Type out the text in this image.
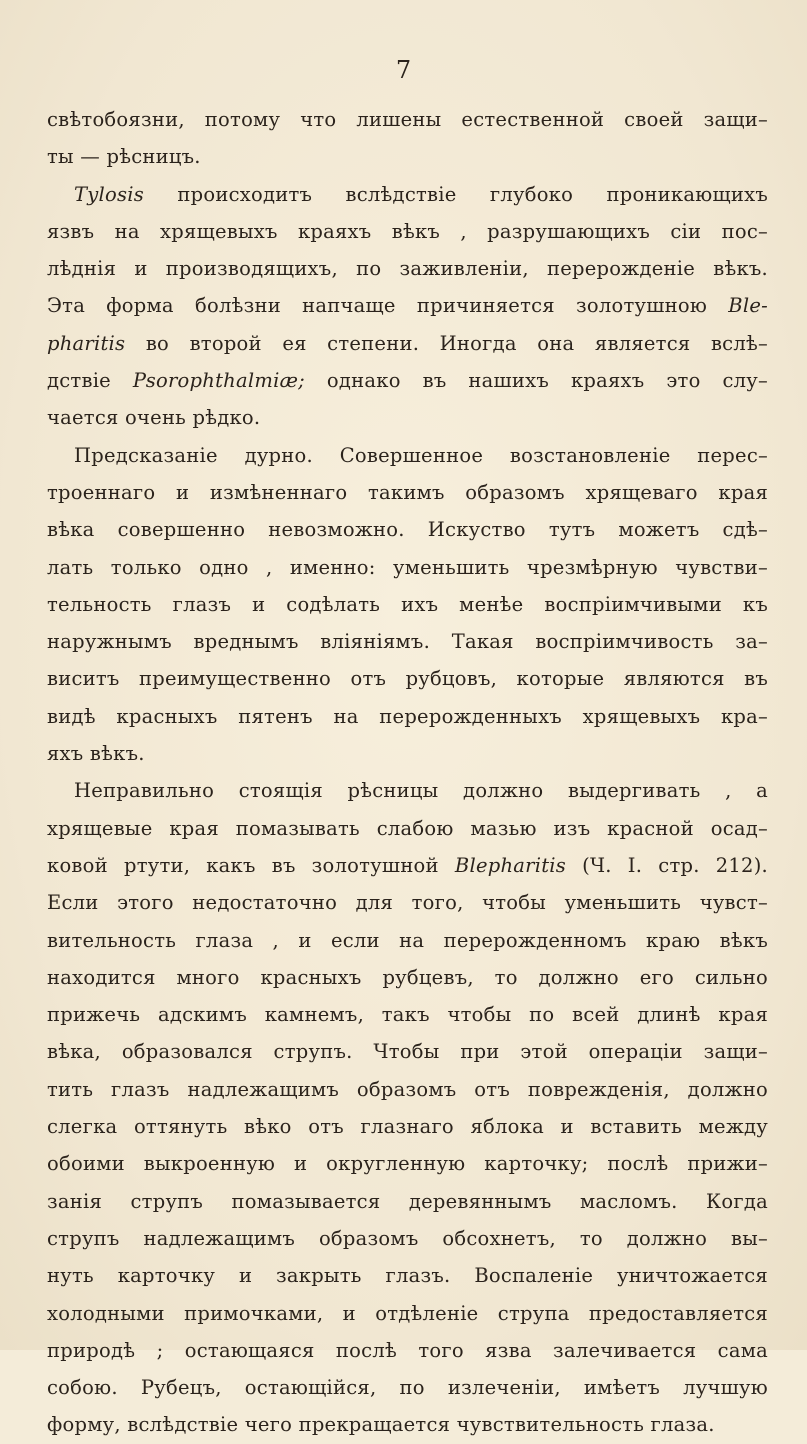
7
свѣтобоязни, потому что лишены естественной своей защи–
ты — рѣсницъ.
Tylosis происходитъ вслѣдствіе глубоко проникающихъ
язвъ на хрящевыхъ краяхъ вѣкъ , разрушающихъ сіи пос–
лѣднія и производящихъ, по заживленіи, перерожденіе вѣкъ.
Эта форма болѣзни напчаще причиняется золотушною Ble-
pharitis во второй ея степени. Иногда она является вслѣ–
дствіе Psorophthalmiæ; однако въ нашихъ краяхъ это слу–
чается очень рѣдко.
Предсказаніе дурно. Совершенное возстановленіе перес–
троеннаго и измѣненнаго такимъ образомъ хрящеваго края
вѣка совершенно невозможно. Искуство тутъ можетъ сдѣ–
лать только одно , именно: уменьшить чрезмѣрную чувстви–
тельность глазъ и содѣлать ихъ менѣе воспріимчивыми къ
наружнымъ вреднымъ вліяніямъ. Такая воспріимчивость за–
виситъ преимущественно отъ рубцовъ, которые являются въ
видѣ красныхъ пятенъ на перерожденныхъ хрящевыхъ кра–
яхъ вѣкъ.
Неправильно стоящія рѣсницы должно выдергивать , а
хрящевые края помазывать слабою мазью изъ красной осад–
ковой ртути, какъ въ золотушной Blepharitis (Ч. I. стр. 212).
Если этого недостаточно для того, чтобы уменьшить чувст–
вительность глаза , и если на перерожденномъ краю вѣкъ
находится много красныхъ рубцевъ, то должно его сильно
прижечь адскимъ камнемъ, такъ чтобы по всей длинѣ края
вѣка, образовался струпъ. Чтобы при этой операціи защи–
тить глазъ надлежащимъ образомъ отъ поврежденія, должно
слегка оттянуть вѣко отъ глазнаго яблока и вставить между
обоими выкроенную и округленную карточку; послѣ прижи–
занія струпъ помазывается деревяннымъ масломъ. Когда
струпъ надлежащимъ образомъ обсохнетъ, то должно вы–
нуть карточку и закрыть глазъ. Воспаленіе уничтожается
холодными примочками, и отдѣленіе струпа предоставляется
природѣ ; остающаяся послѣ того язва залечивается сама
собою. Рубецъ, остающійся, по излеченіи, имѣетъ лучшую
форму, вслѣдствіе чего прекращается чувствительность глаза.
